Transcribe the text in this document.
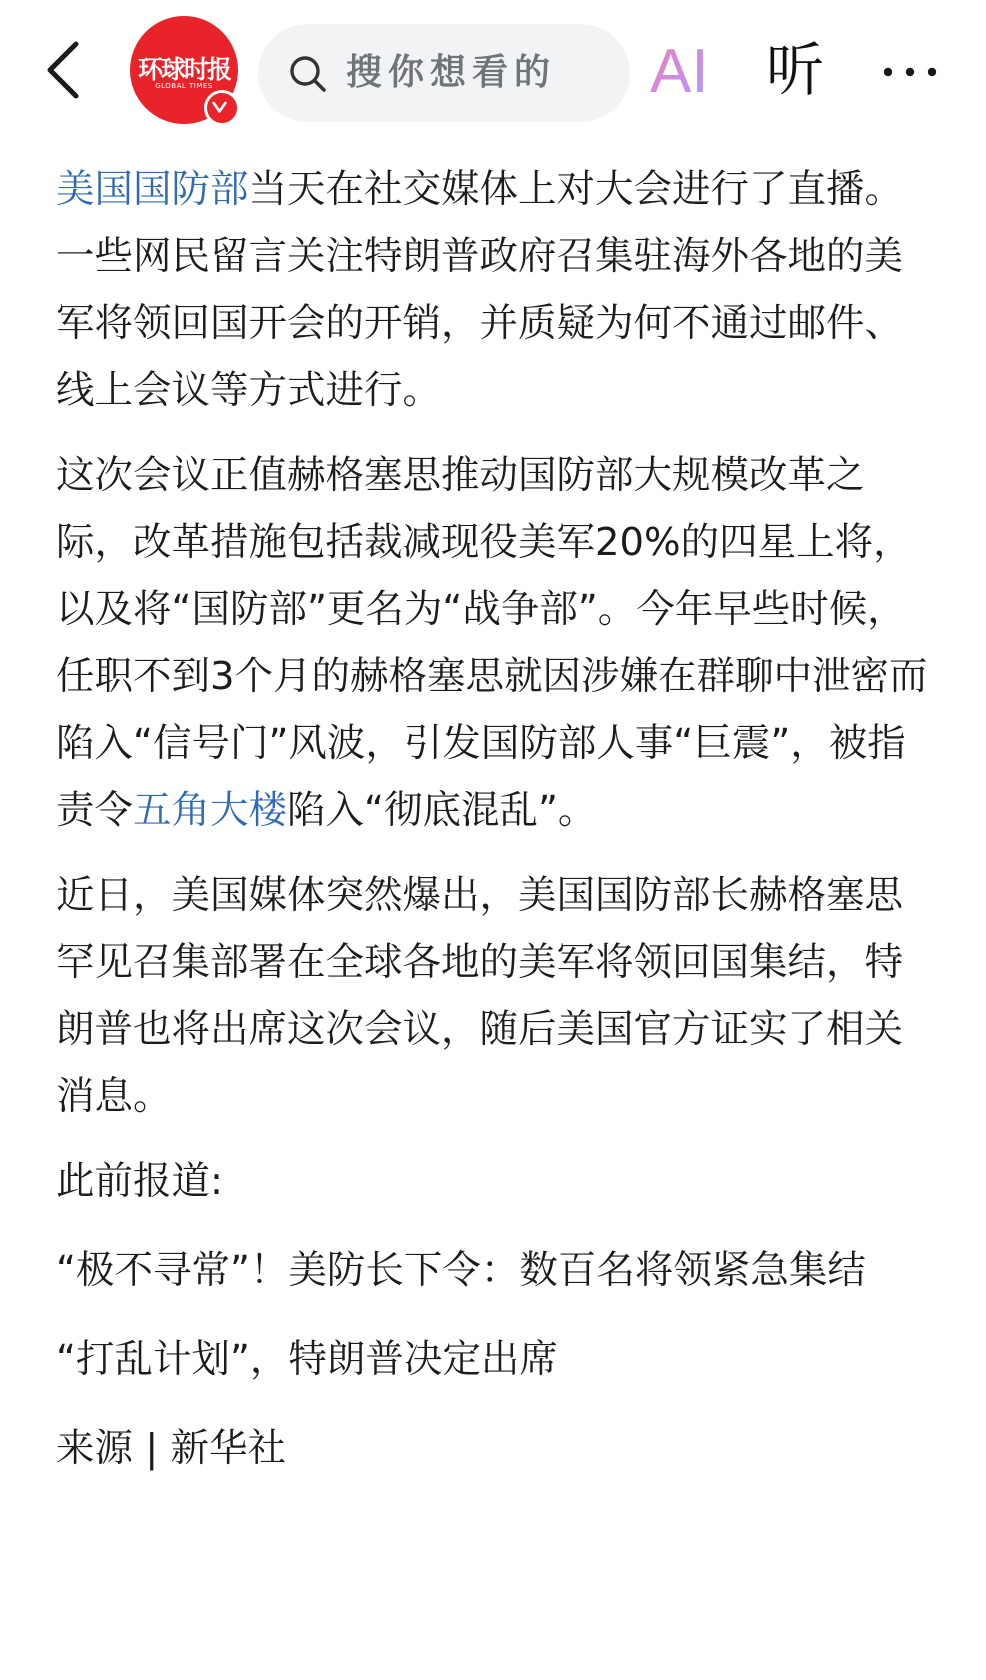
环球时报
GLOBAL TIMES	搜你想看的 AI 听

美国国防部当天在社交媒体上对大会进行了直播。一些网民留言关注特朗普政府召集驻海外各地的美军将领回国开会的开销，并质疑为何不通过邮件、线上会议等方式进行。

这次会议正值赫格塞思推动国防部大规模改革之际，改革措施包括裁减现役美军20%的四星上将，以及将“国防部”更名为“战争部”。今年早些时候，任职不到3个月的赫格塞思就因涉嫌在群聊中泄密而陷入“信号门”风波，引发国防部人事“巨震”，被指责令五角大楼陷入“彻底混乱”。

近日，美国媒体突然爆出，美国国防部长赫格塞思罕见召集部署在全球各地的美军将领回国集结，特朗普也将出席这次会议，随后美国官方证实了相关消息。

此前报道:

“极不寻常”！美防长下令：数百名将领紧急集结

“打乱计划”，特朗普决定出席

来源 | 新华社
